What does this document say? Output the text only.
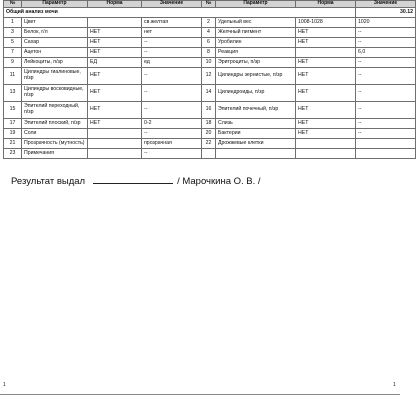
№	Параметр	Норма	Значение	№	Параметр	Норма	Значение
Общий анализ мочи							30.12
1	Цвет		св.желтая	2	Удельный вес	1008-1028	1020
3	Белок, г/л	НЕТ	нет	4	Желчный пигмент	НЕТ	--
5	Сахар	НЕТ	--	6	Уробилин	НЕТ	--
7	Ацетон	НЕТ	--	8	Реакция		6,0
9	Лейкоциты, п/зр	ЕД	ед	10	Эритроциты, п/зр	НЕТ	--
11	Цилиндры гиалиновые, п/зр	НЕТ	--	12	Цилиндры зернистые, п/зр	НЕТ	--
13	Цилиндры восковидные, п/зр	НЕТ	--	14	Цилиндроиды, п/зр	НЕТ	--
15	Эпителий переходный, п/зр	НЕТ	--	16	Эпителий почечный, п/зр	НЕТ	--
17	Эпителий плоский, п/зр	НЕТ	0-2	18	Слизь	НЕТ	--
19	Соли		--	20	Бактерии	НЕТ	--
21	Прозрачность (мутность)		прозрачная	22	Дрожжевые клетки		
23	Примечания		--				
Результат выдал	/ Марочкина О. В. /
1	1
